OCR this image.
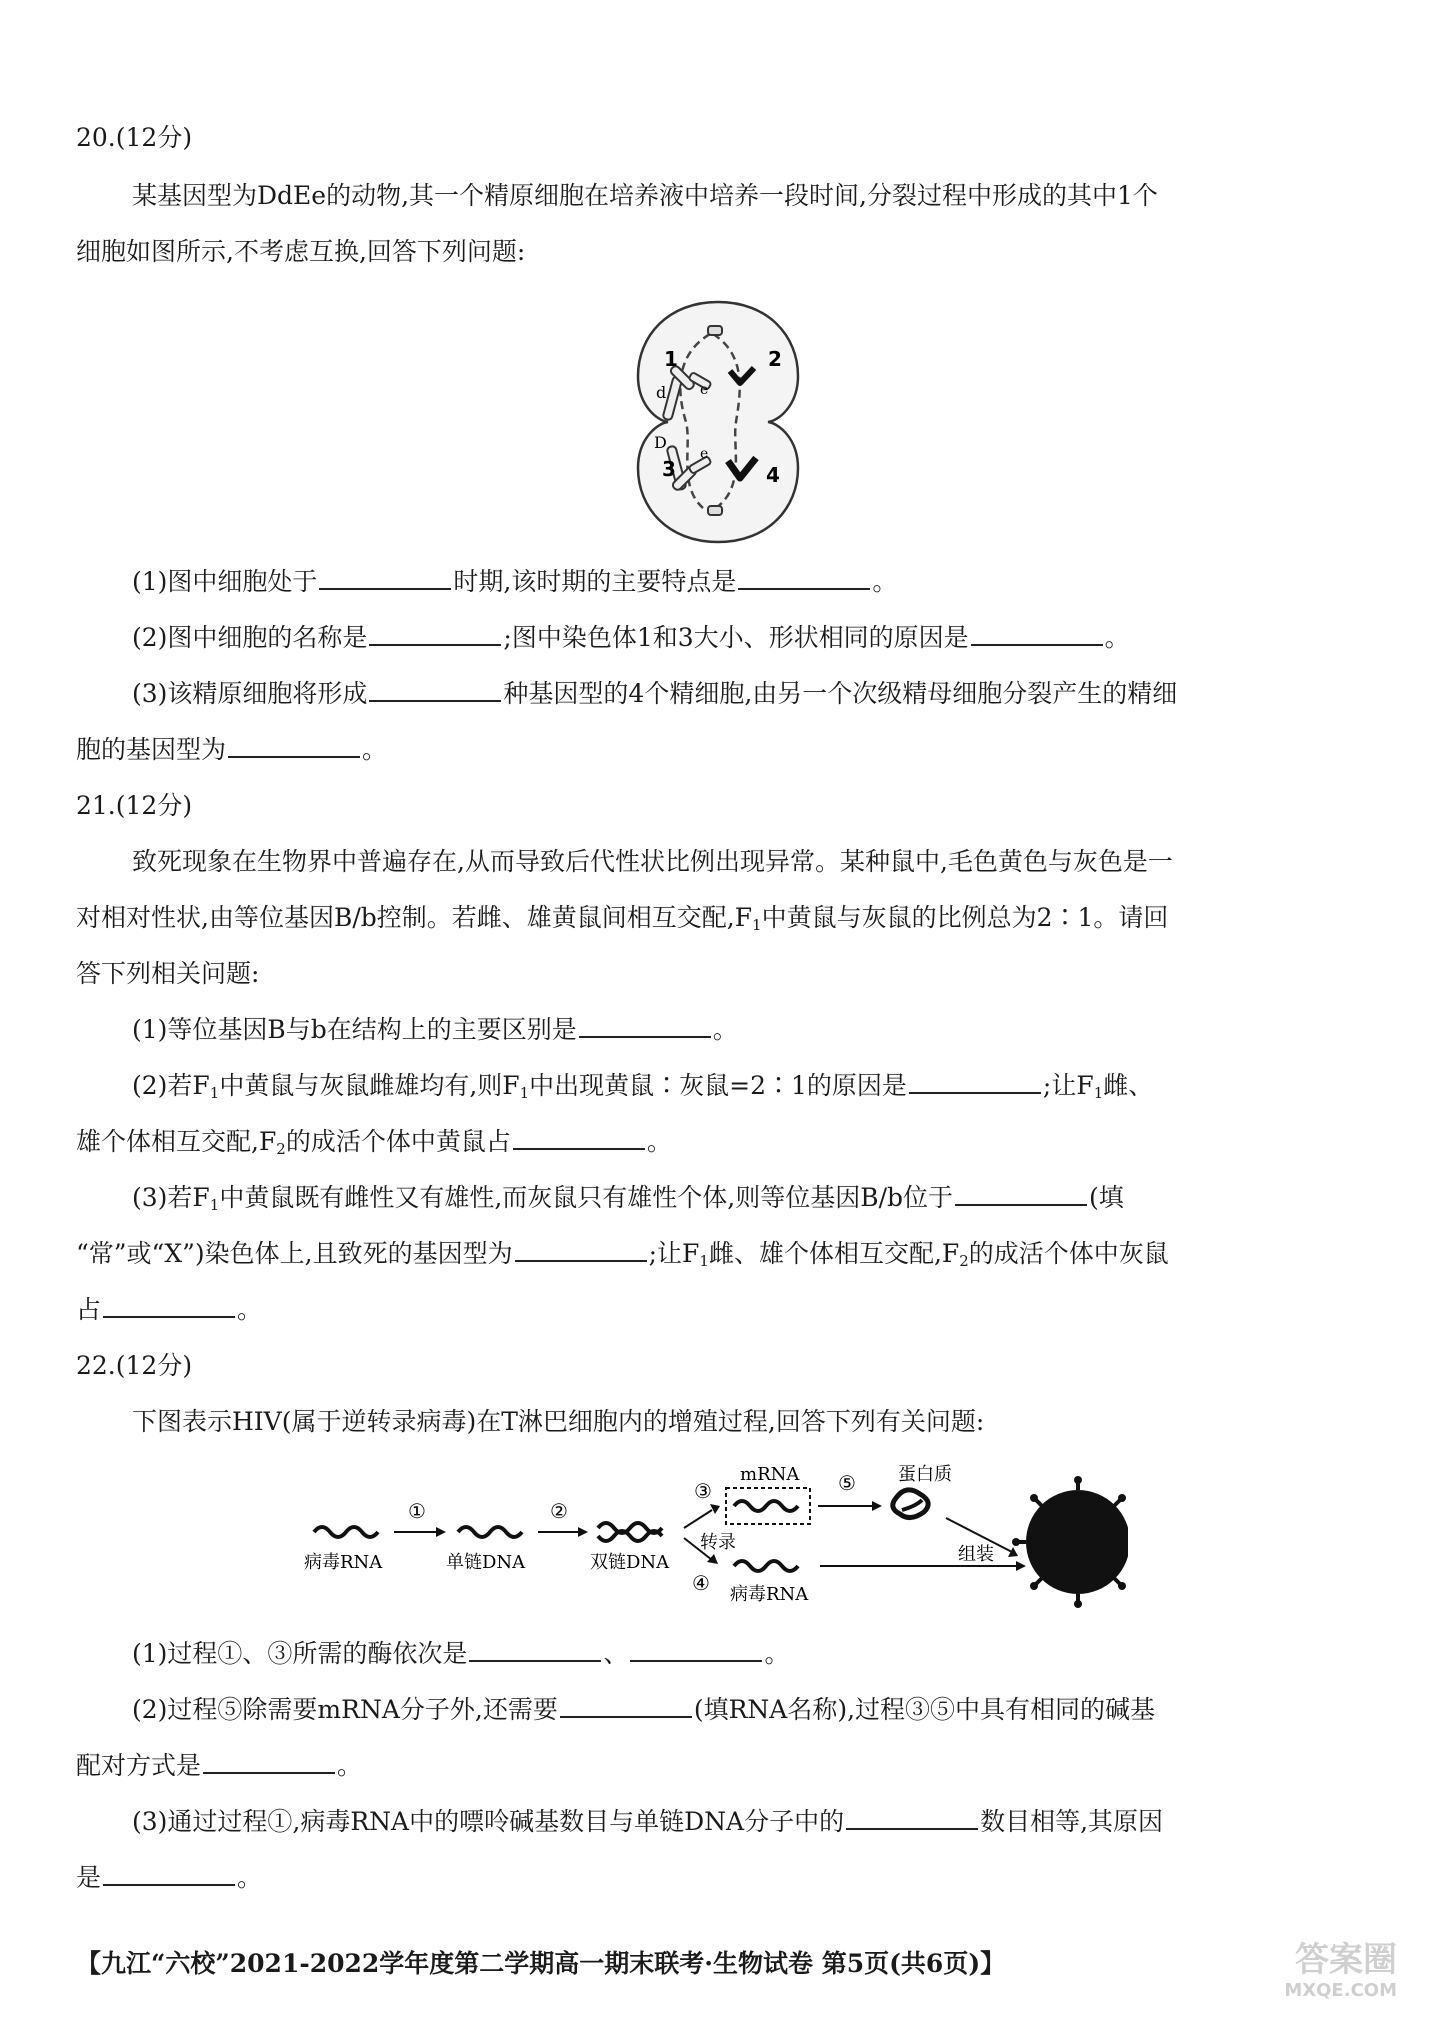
20.(12分)
某基因型为DdEe的动物,其一个精原细胞在培养液中培养一段时间,分裂过程中形成的其中1个
细胞如图所示,不考虑互换,回答下列问题:
1	2
3	4
d e
D
e
(1)图中细胞处于	时期,该时期的主要特点是	。
(2)图中细胞的名称是	;图中染色体1和3大小、形状相同的原因是	。
(3)该精原细胞将形成	种基因型的4个精细胞,由另一个次级精母细胞分裂产生的精细
胞的基因型为	。
21.(12分)
致死现象在生物界中普遍存在,从而导致后代性状比例出现异常。某种鼠中,毛色黄色与灰色是一
对相对性状,由等位基因B/b控制。若雌、雄黄鼠间相互交配$,F_1$中黄鼠与灰鼠的比例总为2∶1。请回
答下列相关问题:
(1)等位基因B与b在结构上的主要区别是	。
(2)若$F_1$中黄鼠与灰鼠雌雄均有,则$F_1$中出现黄鼠∶灰鼠=2∶1的原因是	;让$F_1$雌、
雄个体相互交配$,F_2$的成活个体中黄鼠占	。
(3)若$F_1$中黄鼠既有雌性又有雄性,而灰鼠只有雄性个体,则等位基因B/b位于	(填
“常”或“X”)染色体上,且致死的基因型为	;让$F_1$雌、雄个体相互交配$,F_2$的成活个体中灰鼠
占	。
22.(12分)
下图表示HIV(属于逆转录病毒)在T淋巴细胞内的增殖过程,回答下列有关问题:
病毒RNA
①
单链DNA
②
双链DNA
③
④
转录
mRNA
病毒RNA
⑤ 蛋白质
组装
(1)过程①、③所需的酶依次是	、	。
(2)过程⑤除需要mRNA分子外,还需要	(填RNA名称),过程③⑤中具有相同的碱基
配对方式是	。
(3)通过过程①,病毒RNA中的嘌呤碱基数目与单链DNA分子中的	数目相等,其原因
是	。
【九江“六校”2021-2022学年度第二学期高一期末联考·生物试卷 第5页(共6页)】	答案圈
MXQE.COM
